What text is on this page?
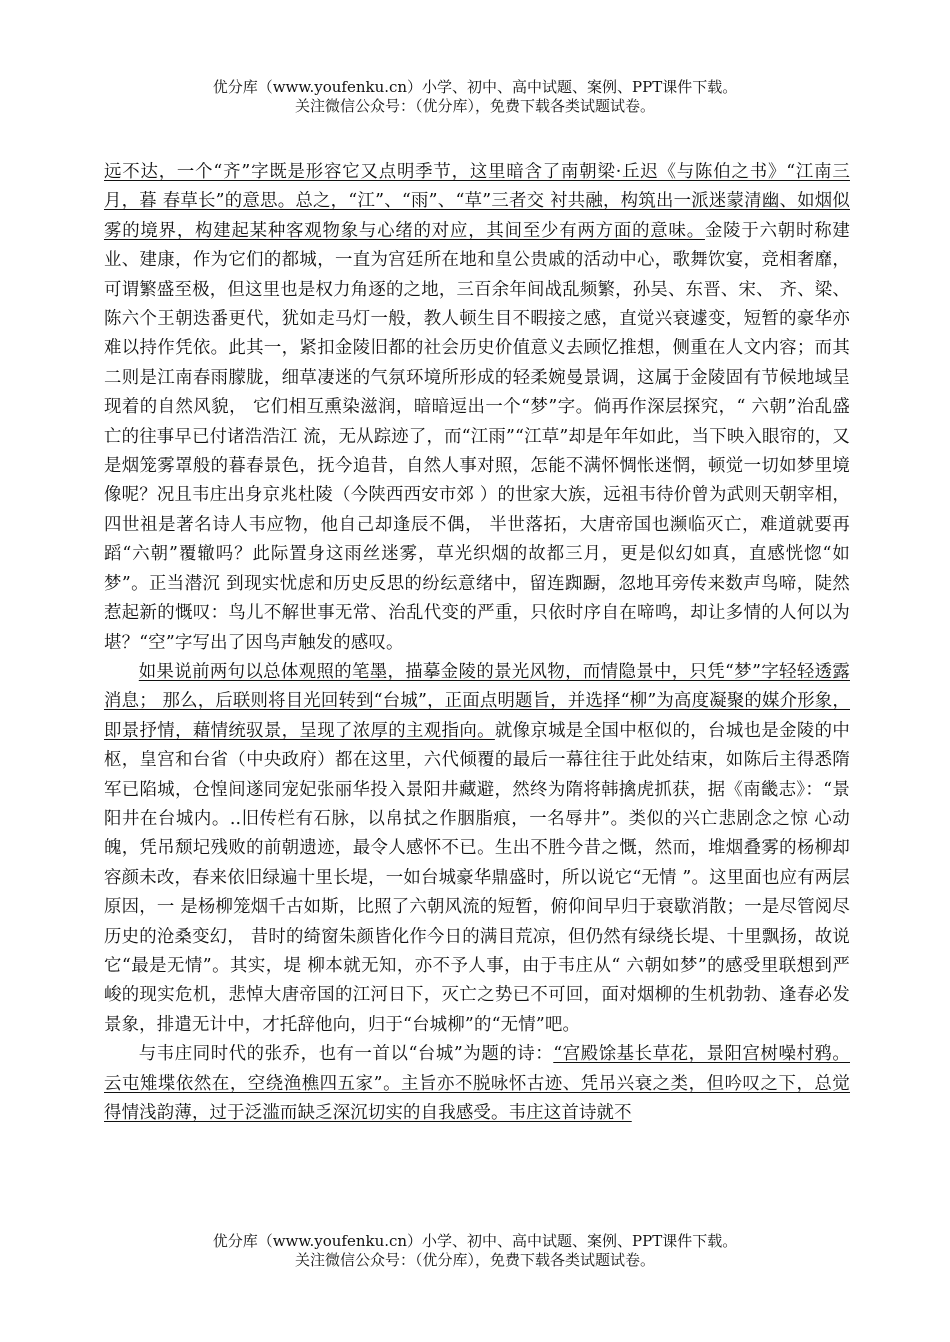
优分库（www.youfenku.cn）小学、初中、高中试题、案例、PPT课件下载。
关注微信公众号：（优分库），免费下载各类试题试卷。

远不达，一个“齐”字既是形容它又点明季节，这里暗含了南朝梁·丘迟《与陈伯之书》“江南三月，暮 春草长”的意思。总之，“江”、“雨”、“草”三者交 衬共融，构筑出一派迷蒙清幽、如烟似雾的境界，构建起某种客观物象与心绪的对应，其间至少有两方面的意味。金陵于六朝时称建业、建康，作为它们的都城，一直为宫廷所在地和皇公贵戚的活动中心，歌舞饮宴，竞相奢靡，可谓繁盛至极，但这里也是权力角逐的之地，三百余年间战乱频繁，孙吴、东晋、宋、 齐、梁、陈六个王朝迭番更代，犹如走马灯一般，教人顿生目不暇接之感，直觉兴衰遽变，短暂的豪华亦难以持作凭依。此其一，紧扣金陵旧都的社会历史价值意义去顾忆推想，侧重在人文内容；而其二则是江南春雨朦胧，细草凄迷的气氛环境所形成的轻柔婉曼景调，这属于金陵固有节候地域呈现着的自然风貌， 它们相互熏染滋润，暗暗逗出一个“梦”字。倘再作深层探究，“ 六朝”治乱盛亡的往事早已付诸浩浩江 流，无从踪迹了，而“江雨”“江草”却是年年如此，当下映入眼帘的，又是烟笼雾罩般的暮春景色，抚今追昔，自然人事对照，怎能不满怀惆怅迷惘，顿觉一切如梦里境像呢？况且韦庄出身京兆杜陵（今陕西西安市郊 ）的世家大族，远祖韦待价曾为武则天朝宰相，四世祖是著名诗人韦应物，他自己却逢辰不偶， 半世落拓，大唐帝国也濒临灭亡，难道就要再蹈“六朝”覆辙吗？此际置身这雨丝迷雾，草光织烟的故都三月，更是似幻如真，直感恍惚“如梦”。正当潜沉 到现实忧虑和历史反思的纷纭意绪中，留连踟蹰，忽地耳旁传来数声鸟啼，陡然惹起新的慨叹：鸟儿不解世事无常、治乱代变的严重，只依时序自在啼鸣，却让多情的人何以为堪？“空”字写出了因鸟声触发的感叹。

如果说前两句以总体观照的笔墨，描摹金陵的景光风物，而情隐景中，只凭“梦”字轻轻透露消息； 那么，后联则将目光回转到“台城”，正面点明题旨，并选择“柳”为高度凝聚的媒介形象，即景抒情，藉情统驭景，呈现了浓厚的主观指向。就像京城是全国中枢似的，台城也是金陵的中枢，皇宫和台省（中央政府）都在这里，六代倾覆的最后一幕往往于此处结束，如陈后主得悉隋军已陷城，仓惶间遂同宠妃张丽华投入景阳井藏避，然终为隋将韩擒虎抓获，据《南畿志》：“景阳井在台城内。..旧传栏有石脉，以帛拭之作胭脂痕，一名辱井”。类似的兴亡悲剧念之惊 心动魄，凭吊颓圮残败的前朝遗迹，最令人感怀不已。生出不胜今昔之慨，然而，堆烟叠雾的杨柳却容颜未改，春来依旧绿遍十里长堤，一如台城豪华鼎盛时，所以说它“无情 ”。这里面也应有两层原因，一 是杨柳笼烟千古如斯，比照了六朝风流的短暂，俯仰间早归于衰歇消散；一是尽管阅尽历史的沧桑变幻， 昔时的绮窗朱颜皆化作今日的满目荒凉，但仍然有绿绕长堤、十里飘扬，故说它“最是无情”。其实，堤 柳本就无知，亦不予人事，由于韦庄从“ 六朝如梦”的感受里联想到严峻的现实危机，悲悼大唐帝国的江河日下，灭亡之势已不可回，面对烟柳的生机勃勃、逢春必发景象，排遣无计中，才托辞他向，归于“台城柳”的“无情”吧。

与韦庄同时代的张乔，也有一首以“台城”为题的诗：“宫殿馀基长草花，景阳宫树噪村鸦。云屯雉堞依然在，空绕渔樵四五家”。主旨亦不脱咏怀古迹、凭吊兴衰之类，但吟叹之下，总觉得情浅韵薄，过于泛滥而缺乏深沉切实的自我感受。韦庄这首诗就不

优分库（www.youfenku.cn）小学、初中、高中试题、案例、PPT课件下载。
关注微信公众号：（优分库），免费下载各类试题试卷。
